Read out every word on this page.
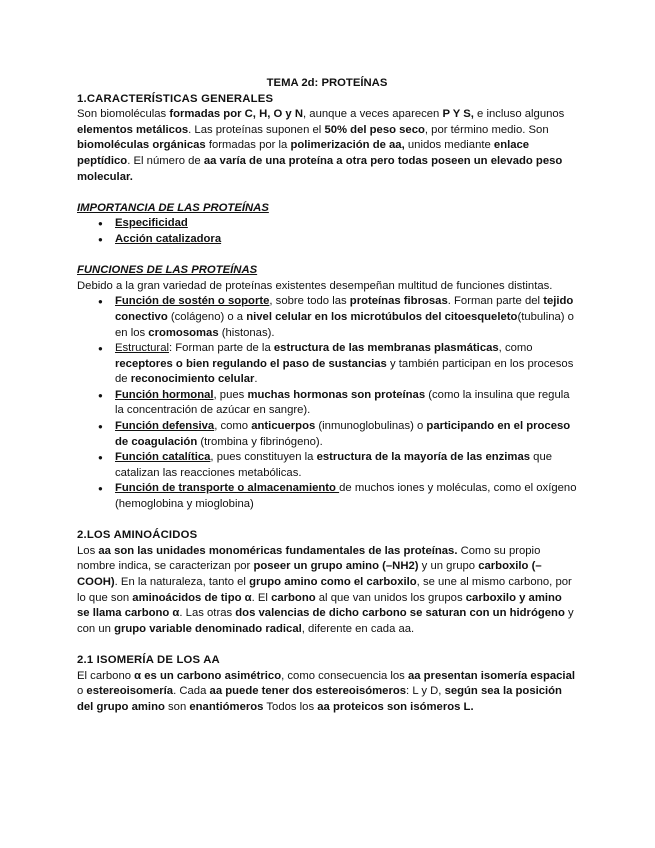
TEMA 2d: PROTEÍNAS

1.CARACTERÍSTICAS GENERALES

Son biomoléculas formadas por C, H, O y N, aunque a veces aparecen P Y S, e incluso algunos elementos metálicos. Las proteínas suponen el 50% del peso seco, por término medio. Son biomoléculas orgánicas formadas por la polimerización de aa, unidos mediante enlace peptídico. El número de aa varía de una proteína a otra pero todas poseen un elevado peso molecular.

IMPORTANCIA DE LAS PROTEÍNAS

● Especificidad
● Acción catalizadora

FUNCIONES DE LAS PROTEÍNAS

Debido a la gran variedad de proteínas existentes desempeñan multitud de funciones distintas.

● Función de sostén o soporte, sobre todo las proteínas fibrosas. Forman parte del tejido conectivo (colágeno) o a nivel celular en los microtúbulos del citoesqueleto(tubulina) o en los cromosomas (histonas).
● Estructural: Forman parte de la estructura de las membranas plasmáticas, como receptores o bien regulando el paso de sustancias y también participan en los procesos de reconocimiento celular.
● Función hormonal, pues muchas hormonas son proteínas (como la insulina que regula la concentración de azúcar en sangre).
● Función defensiva, como anticuerpos (inmunoglobulinas) o participando en el proceso de coagulación (trombina y fibrinógeno).
● Función catalítica, pues constituyen la estructura de la mayoría de las enzimas que catalizan las reacciones metabólicas.
● Función de transporte o almacenamiento de muchos iones y moléculas, como el oxígeno (hemoglobina y mioglobina)

2.LOS AMINOÁCIDOS

Los aa son las unidades monoméricas fundamentales de las proteínas. Como su propio nombre indica, se caracterizan por poseer un grupo amino (–NH2) y un grupo carboxilo (–COOH). En la naturaleza, tanto el grupo amino como el carboxilo, se une al mismo carbono, por lo que son aminoácidos de tipo α. El carbono al que van unidos los grupos carboxilo y amino se llama carbono α. Las otras dos valencias de dicho carbono se saturan con un hidrógeno y con un grupo variable denominado radical, diferente en cada aa.

2.1 ISOMERÍA DE LOS AA

El carbono α es un carbono asimétrico, como consecuencia los aa presentan isomería espacial o estereoisomería. Cada aa puede tener dos estereoisómeros: L y D, según sea la posición del grupo amino son enantiómeros Todos los aa proteicos son isómeros L.
